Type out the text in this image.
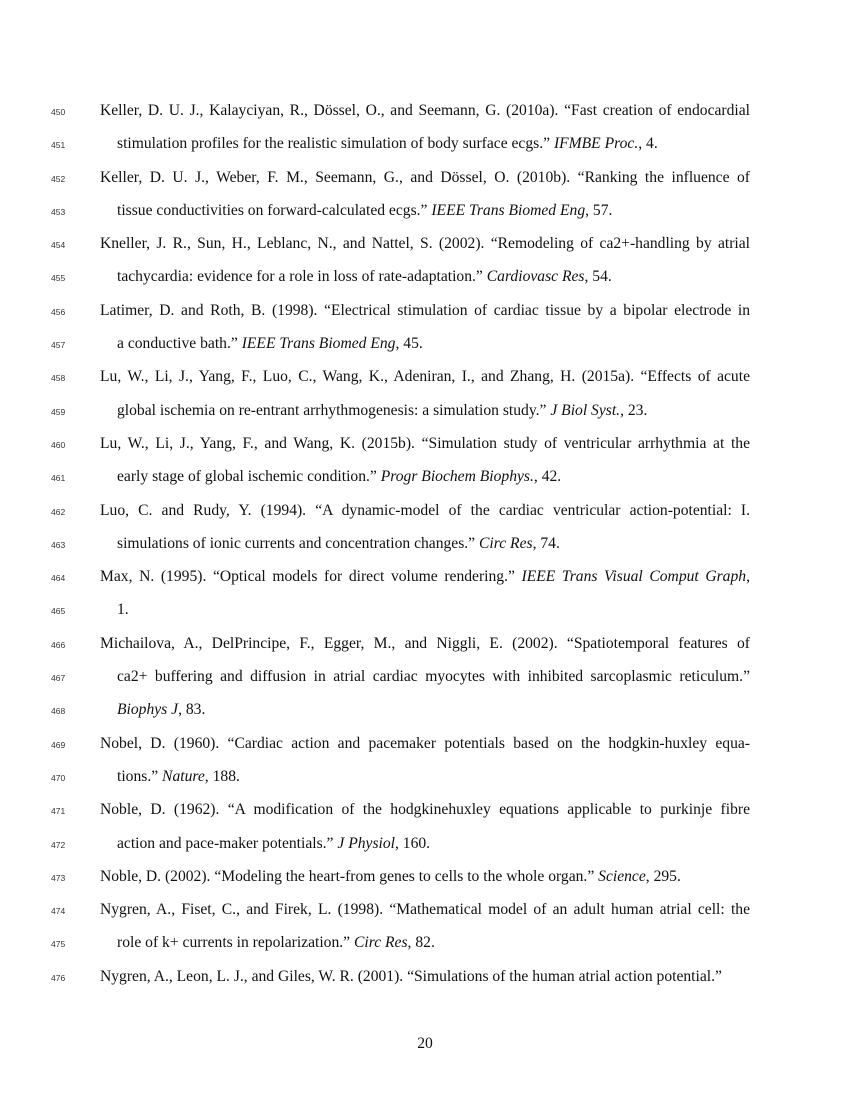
450	Keller, D. U. J., Kalayciyan, R., Dössel, O., and Seemann, G. (2010a). “Fast creation of endocardial
451	stimulation profiles for the realistic simulation of body surface ecgs.” IFMBE Proc., 4.
452	Keller, D. U. J., Weber, F. M., Seemann, G., and Dössel, O. (2010b). “Ranking the influence of
453	tissue conductivities on forward-calculated ecgs.” IEEE Trans Biomed Eng, 57.
454	Kneller, J. R., Sun, H., Leblanc, N., and Nattel, S. (2002). “Remodeling of ca2+-handling by atrial
455	tachycardia: evidence for a role in loss of rate-adaptation.” Cardiovasc Res, 54.
456	Latimer, D. and Roth, B. (1998). “Electrical stimulation of cardiac tissue by a bipolar electrode in
457	a conductive bath.” IEEE Trans Biomed Eng, 45.
458	Lu, W., Li, J., Yang, F., Luo, C., Wang, K., Adeniran, I., and Zhang, H. (2015a). “Effects of acute
459	global ischemia on re-entrant arrhythmogenesis: a simulation study.” J Biol Syst., 23.
460	Lu, W., Li, J., Yang, F., and Wang, K. (2015b). “Simulation study of ventricular arrhythmia at the
461	early stage of global ischemic condition.” Progr Biochem Biophys., 42.
462	Luo, C. and Rudy, Y. (1994). “A dynamic-model of the cardiac ventricular action-potential: I.
463	simulations of ionic currents and concentration changes.” Circ Res, 74.
464	Max, N. (1995). “Optical models for direct volume rendering.” IEEE Trans Visual Comput Graph,
465	1.
466	Michailova, A., DelPrincipe, F., Egger, M., and Niggli, E. (2002). “Spatiotemporal features of
467	ca2+ buffering and diffusion in atrial cardiac myocytes with inhibited sarcoplasmic reticulum.”
468	Biophys J, 83.
469	Nobel, D. (1960). “Cardiac action and pacemaker potentials based on the hodgkin-huxley equa-
470	tions.” Nature, 188.
471	Noble, D. (1962). “A modification of the hodgkinehuxley equations applicable to purkinje fibre
472	action and pace-maker potentials.” J Physiol, 160.
473	Noble, D. (2002). “Modeling the heart-from genes to cells to the whole organ.” Science, 295.
474	Nygren, A., Fiset, C., and Firek, L. (1998). “Mathematical model of an adult human atrial cell: the
475	role of k+ currents in repolarization.” Circ Res, 82.
476	Nygren, A., Leon, L. J., and Giles, W. R. (2001). “Simulations of the human atrial action potential.”
20
